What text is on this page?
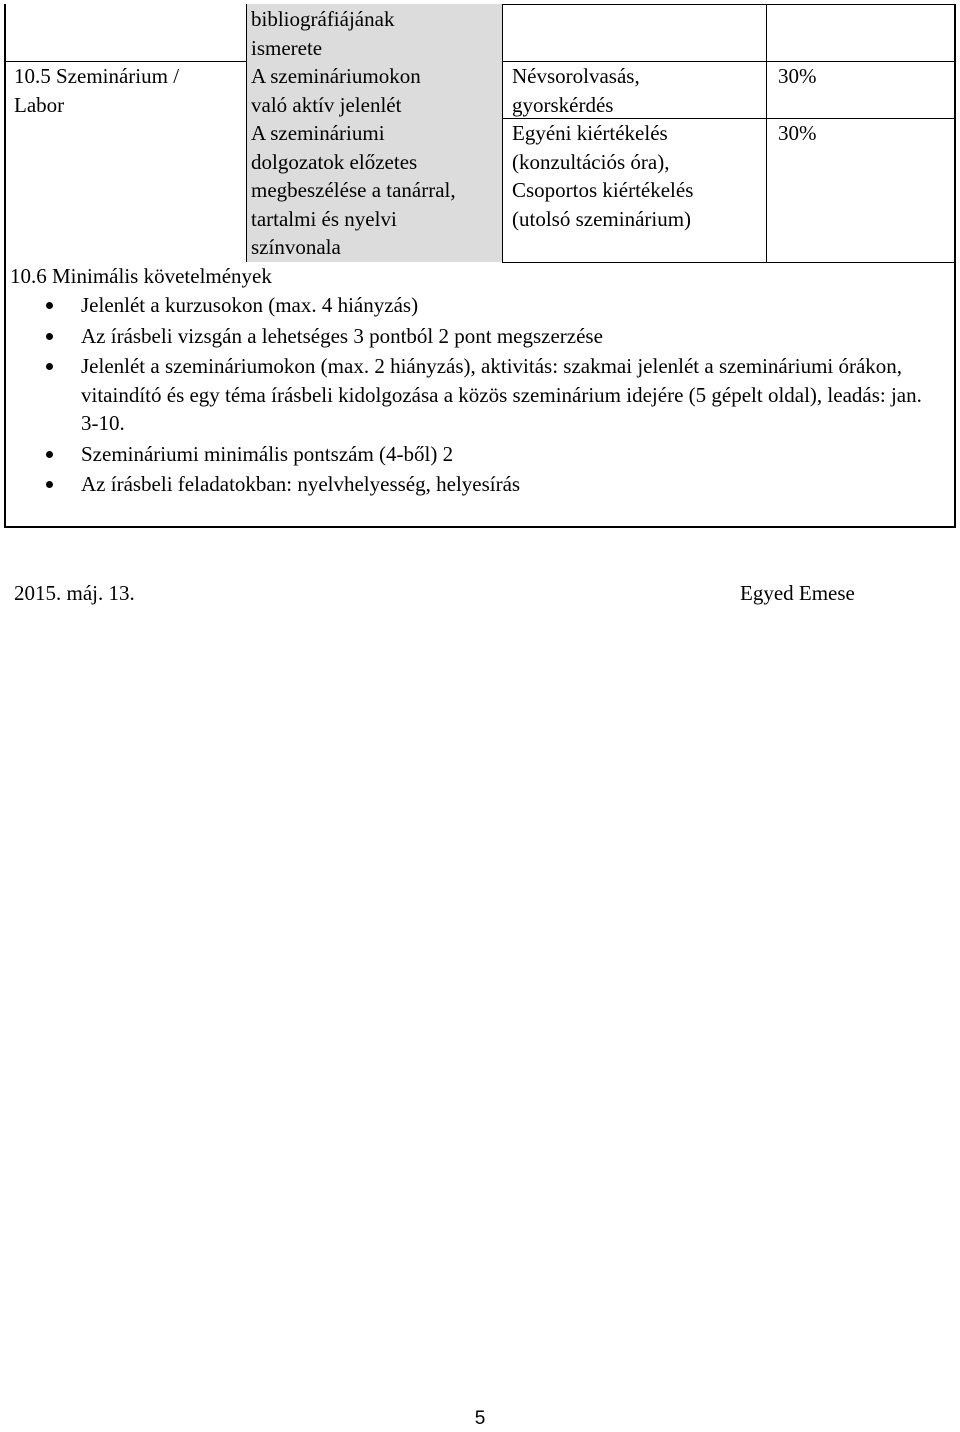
10.5 Szeminárium /
Labor
bibliográfiájának
ismerete
A szemináriumokon
való aktív jelenlét
A szemináriumi
dolgozatok előzetes
megbeszélése a tanárral,
tartalmi és nyelvi
színvonala
Névsorolvasás,
gyorskérdés
Egyéni kiértékelés
(konzultációs óra),
Csoportos kiértékelés
(utolsó szeminárium)
30%
30%
10.6 Minimális követelmények
Jelenlét a kurzusokon (max. 4 hiányzás)
Az írásbeli vizsgán a lehetséges 3 pontból 2 pont megszerzése
Jelenlét a szemináriumokon (max. 2 hiányzás), aktivitás: szakmai jelenlét a szemináriumi órákon, vitaindító és egy téma írásbeli kidolgozása a közös szeminárium idejére (5 gépelt oldal), leadás: jan. 3-10.
Szemináriumi minimális pontszám (4-ből) 2
Az írásbeli feladatokban: nyelvhelyesség, helyesírás
2015. máj. 13.	Egyed Emese
5
